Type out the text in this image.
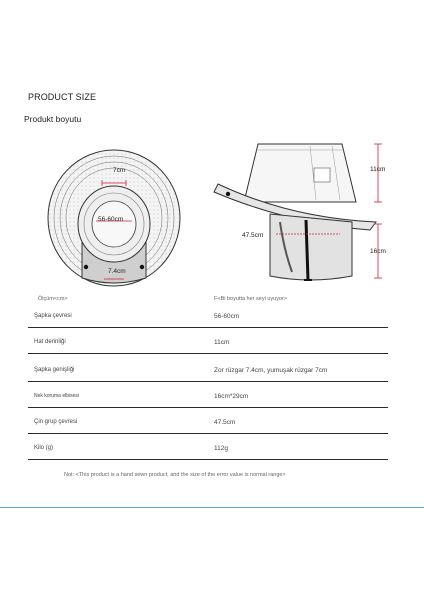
PRODUCT SIZE
Produkt boyutu
7cm
56-60cm
7.4cm
11cm
47.5cm
16cm
Ölçüm<cm>	F<Bi boyutta her seyi uyuyor>
Şapka çevresi	56-60cm
Hat derinliği	11cm
Şapka genişliği	Zor rüzgar 7.4cm, yumuşak rüzgar 7cm
Nek koruma elbisesi	16cm*29cm
Çin grup çevresi	47.5cm
Kilo (g)	112g
Not: <This product is a hand sewn product, and the size of the error value is normal range>
